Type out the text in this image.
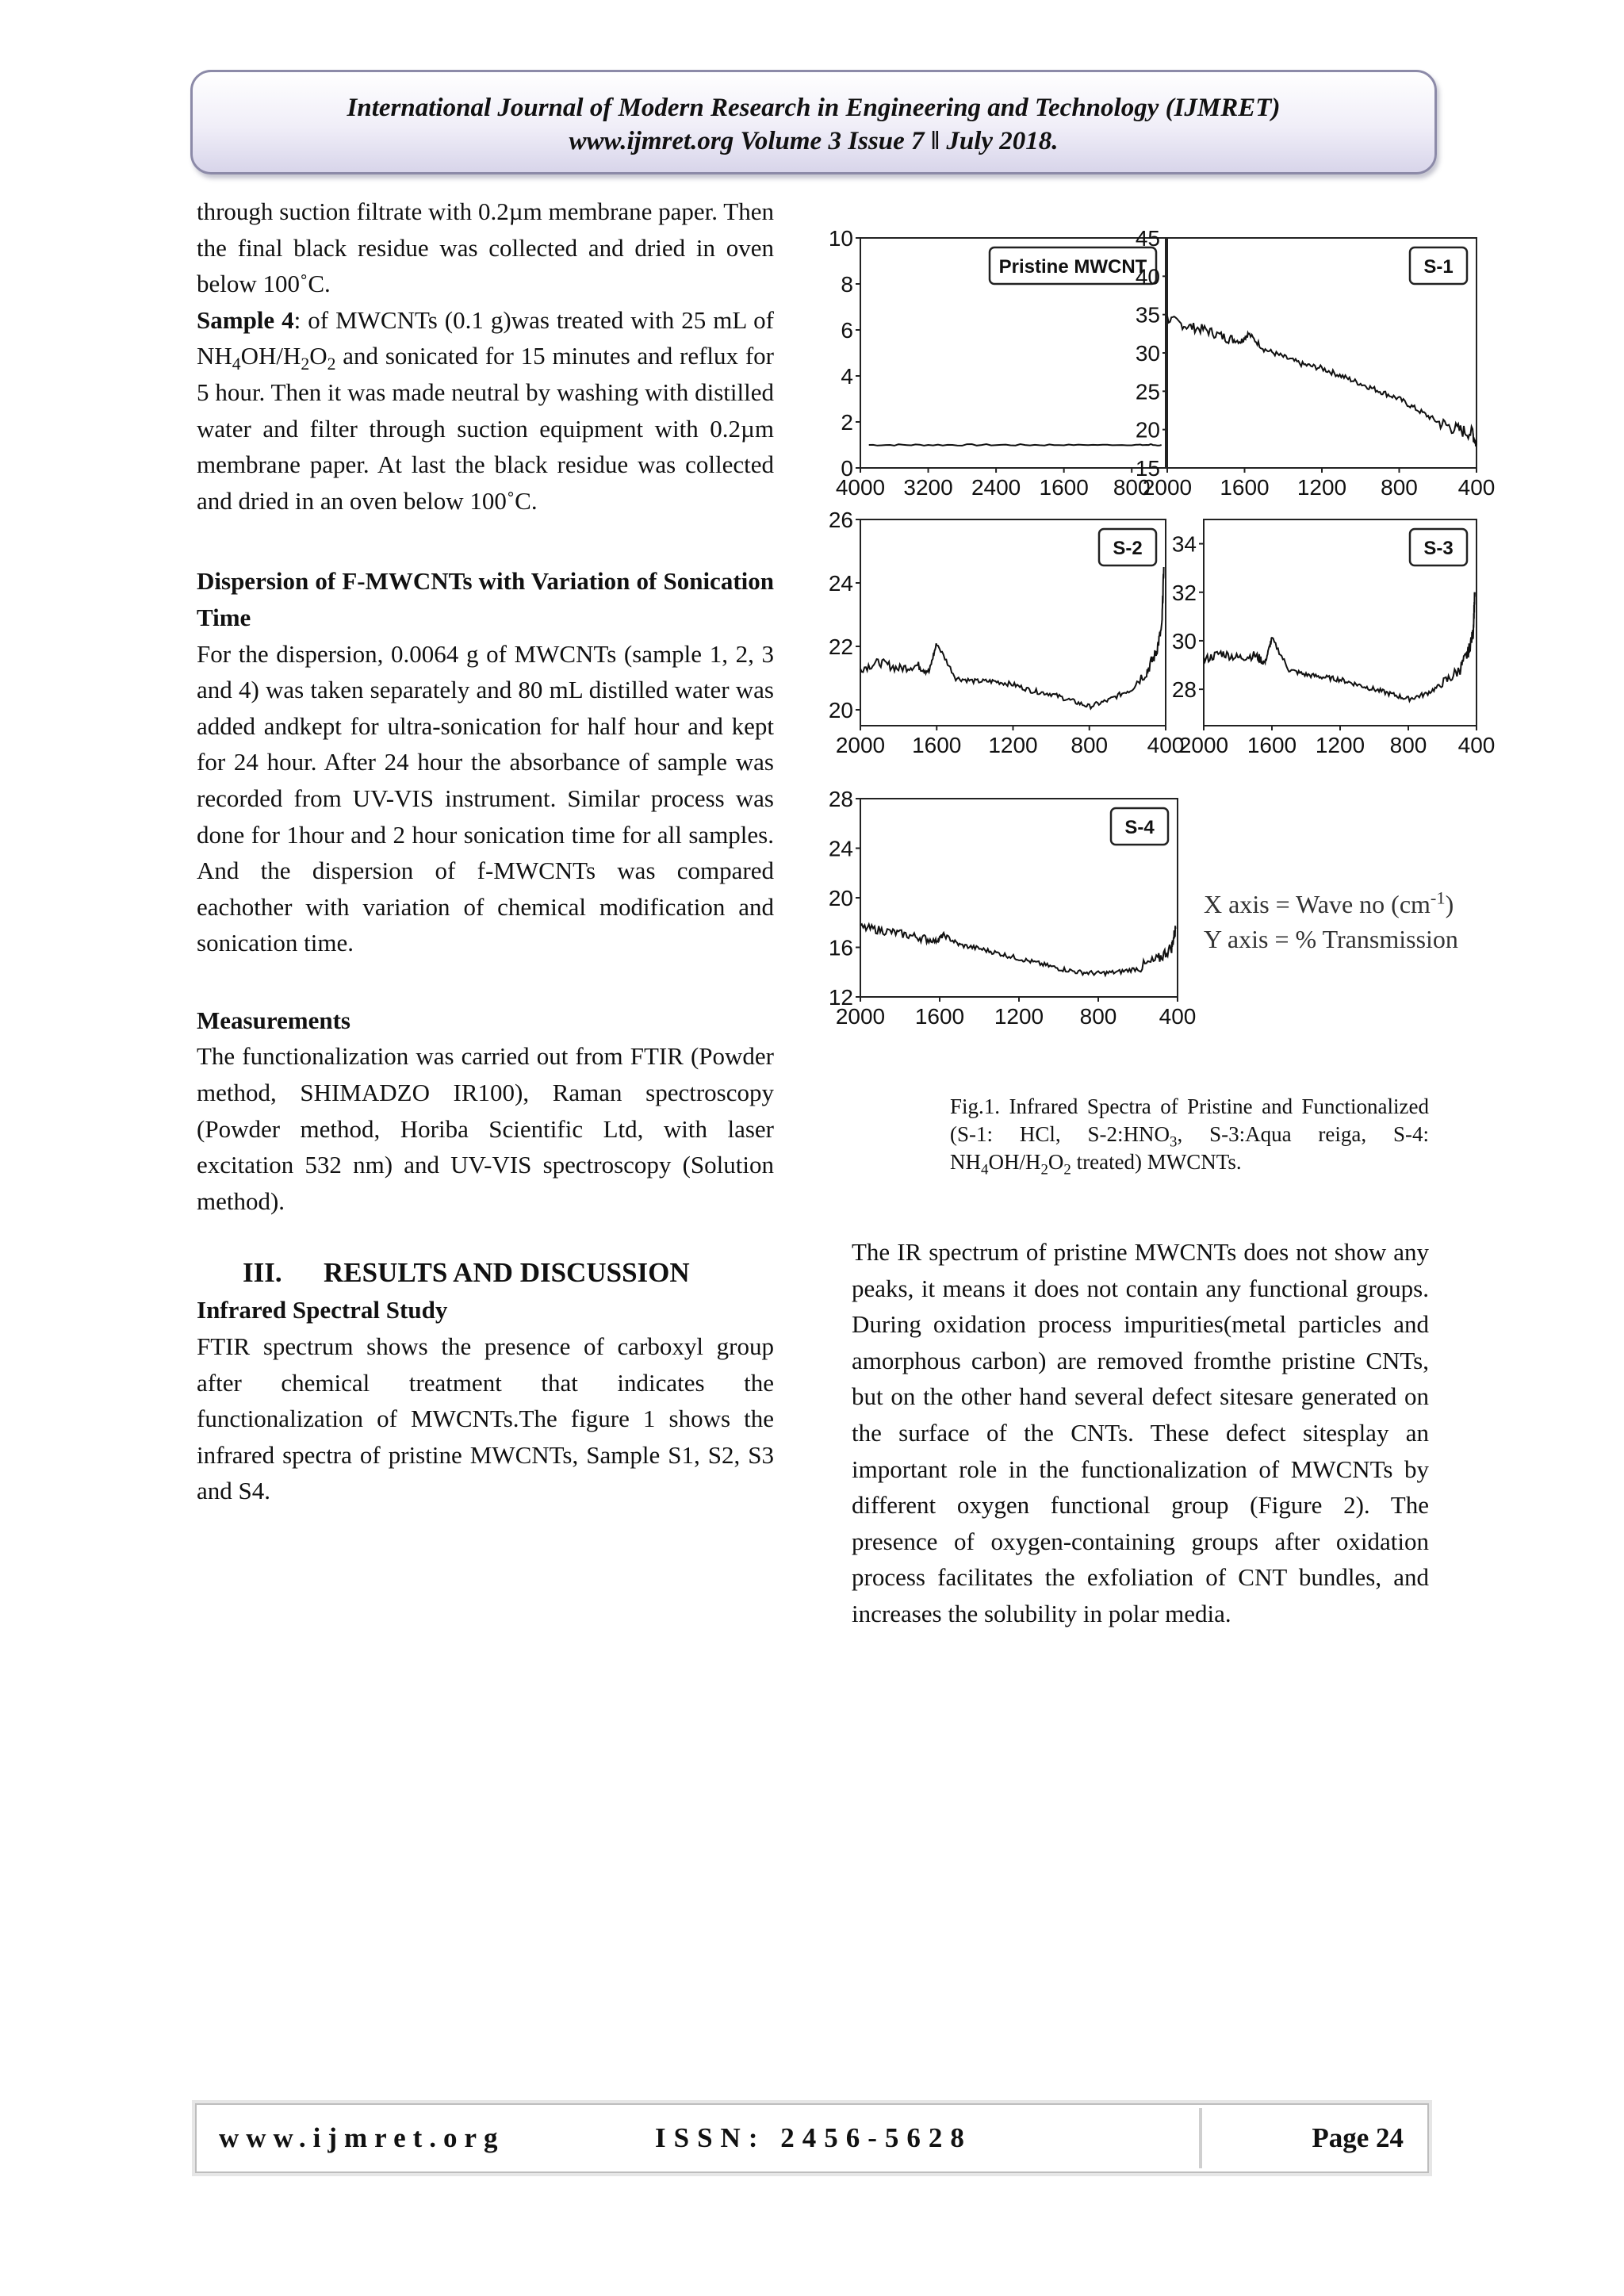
International Journal of Modern Research in Engineering and Technology (IJMRET)
www.ijmret.org Volume 3 Issue 7 ǁ July 2018.

through suction filtrate with 0.2µm membrane paper. Then the final black residue was collected and dried in oven below 100˚C.

Sample 4: of MWCNTs (0.1 g)was treated with 25 mL of $NH_4OH/H_2O_2$ and sonicated for 15 minutes and reflux for 5 hour. Then it was made neutral by washing with distilled water and filter through suction equipment with 0.2µm membrane paper. At last the black residue was collected and dried in an oven below 100˚C.

Dispersion of F-MWCNTs with Variation of Sonication Time

For the dispersion, 0.0064 g of MWCNTs (sample 1, 2, 3 and 4) was taken separately and 80 mL distilled water was added andkept for ultra-sonication for half hour and kept for 24 hour. After 24 hour the absorbance of sample was recorded from UV-VIS instrument. Similar process was done for 1hour and 2 hour sonication time for all samples. And the dispersion of f-MWCNTs was compared eachother with variation of chemical modification and sonication time.

Measurements

The functionalization was carried out from FTIR (Powder method, SHIMADZO IR100), Raman spectroscopy (Powder method, Horiba Scientific Ltd, with laser excitation 532 nm) and UV-VIS spectroscopy (Solution method).

III. RESULTS AND DISCUSSION

Infrared Spectral Study

FTIR spectrum shows the presence of carboxyl group after chemical treatment that indicates the functionalization of MWCNTs.The figure 1 shows the infrared spectra of pristine MWCNTs, Sample S1, S2, S3 and S4.

0
2
4
6
8
10
4000 3200 2400 1600 800
Pristine MWCNT
15
20
25
30
35
40
45
2000 1600 1200 800 400
S-1
20
22
24
26
2000 1600 1200 800 400
S-2
28
30
32
34
2000 1600 1200 800 400
S-3
12
16
20
24
28
2000 1600 1200 800 400
S-4
X axis = Wave no $(cm^{-1})$
Y axis = % Transmission
Fig.1. Infrared Spectra of Pristine and Functionalized (S-1: HCl, $S-2:HNO_3$, S-3:Aqua reiga, S-4: $NH_4OH/H_2O_2$ treated) MWCNTs.

The IR spectrum of pristine MWCNTs does not show any peaks, it means it does not contain any functional groups. During oxidation process impurities(metal particles and amorphous carbon) are removed fromthe pristine CNTs, but on the other hand several defect sitesare generated on the surface of the CNTs. These defect sitesplay an important role in the functionalization of MWCNTs by different oxygen functional group (Figure 2). The presence of oxygen-containing groups after oxidation process facilitates the exfoliation of CNT bundles, and increases the solubility in polar media.

www.ijmret.org	ISSN: 2456-5628	Page 24
